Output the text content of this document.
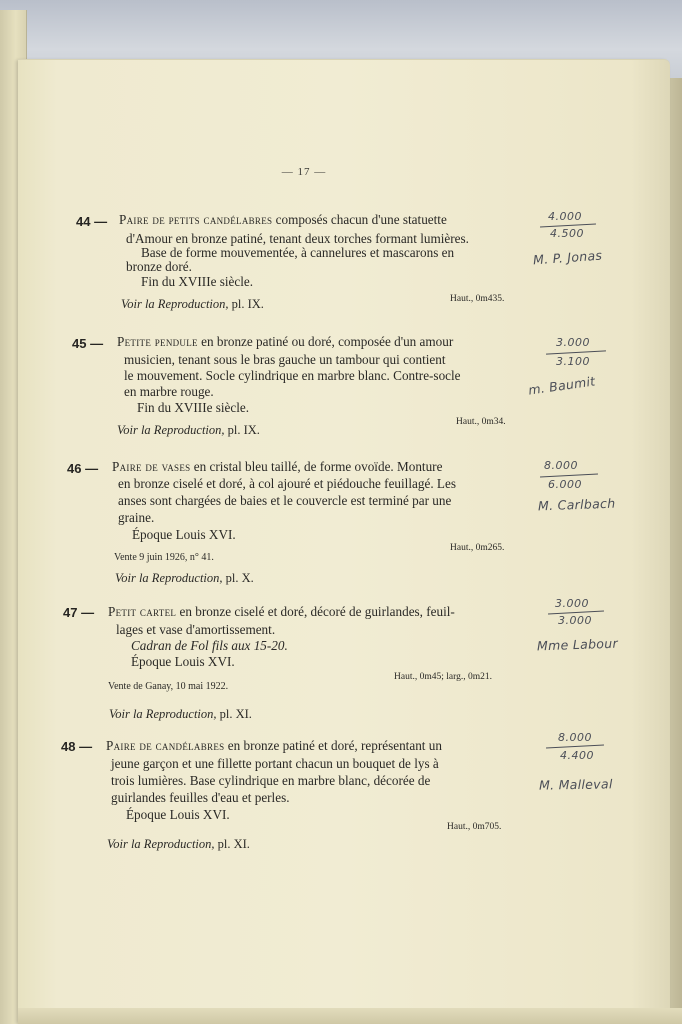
— 17 —
44 — Paire de petits candélabres composés chacun d'une statuette
d'Amour en bronze patiné, tenant deux torches formant lumières.
Base de forme mouvementée, à cannelures et mascarons en
bronze doré.
Fin du XVIIIe siècle.
Haut., 0m435.
Voir la Reproduction, pl. IX.
4.000
4.500
M. P. Jonas
45 — Petite pendule en bronze patiné ou doré, composée d'un amour
musicien, tenant sous le bras gauche un tambour qui contient
le mouvement. Socle cylindrique en marbre blanc. Contre-socle
en marbre rouge.
Fin du XVIIIe siècle.
Haut., 0m34.
Voir la Reproduction, pl. IX.
3.000
3.100
m. Baumit
46 — Paire de vases en cristal bleu taillé, de forme ovoïde. Monture
en bronze ciselé et doré, à col ajouré et piédouche feuillagé. Les
anses sont chargées de baies et le couvercle est terminé par une
graine.
Époque Louis XVI.
Haut., 0m265.
Vente 9 juin 1926, n° 41.
Voir la Reproduction, pl. X.
8.000
6.000
M. Carlbach
47 — Petit cartel en bronze ciselé et doré, décoré de guirlandes, feuil-
lages et vase d'amortissement.
Cadran de Fol fils aux 15-20.
Époque Louis XVI.
Haut., 0m45; larg., 0m21.
Vente de Ganay, 10 mai 1922.
Voir la Reproduction, pl. XI.
3.000
3.000
Mme Labour
48 — Paire de candélabres en bronze patiné et doré, représentant un
jeune garçon et une fillette portant chacun un bouquet de lys à
trois lumières. Base cylindrique en marbre blanc, décorée de
guirlandes feuilles d'eau et perles.
Époque Louis XVI.
Haut., 0m705.
Voir la Reproduction, pl. XI.
8.000
4.400
M. Malleval
